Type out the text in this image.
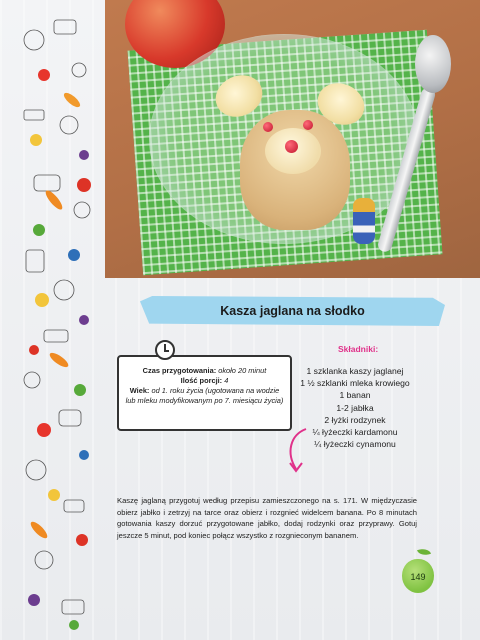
Kasza jaglana na słodko
Czas przygotowania: około 20 minut
Ilość porcji: 4
Wiek: od 1. roku życia (ugotowana na wodzie lub mleku modyfikowanym po 7. miesiącu życia)
Składniki:
1 szklanka kaszy jaglanej
1 ½ szklanki mleka krowiego
1 banan
1-2 jabłka
2 łyżki rodzynek
¼ łyżeczki kardamonu
¼ łyżeczki cynamonu
Kaszę jaglaną przygotuj według przepisu zamieszczonego na s. 171. W międzyczasie obierz jabłko i zetrzyj na tarce oraz obierz i rozgnieć widelcem banana. Po 8 minutach gotowania kaszy dorzuć przygotowane jabłko, dodaj rodzynki oraz przyprawy. Gotuj jeszcze 5 minut, pod koniec połącz wszystko z rozgnieconym bananem.
149
